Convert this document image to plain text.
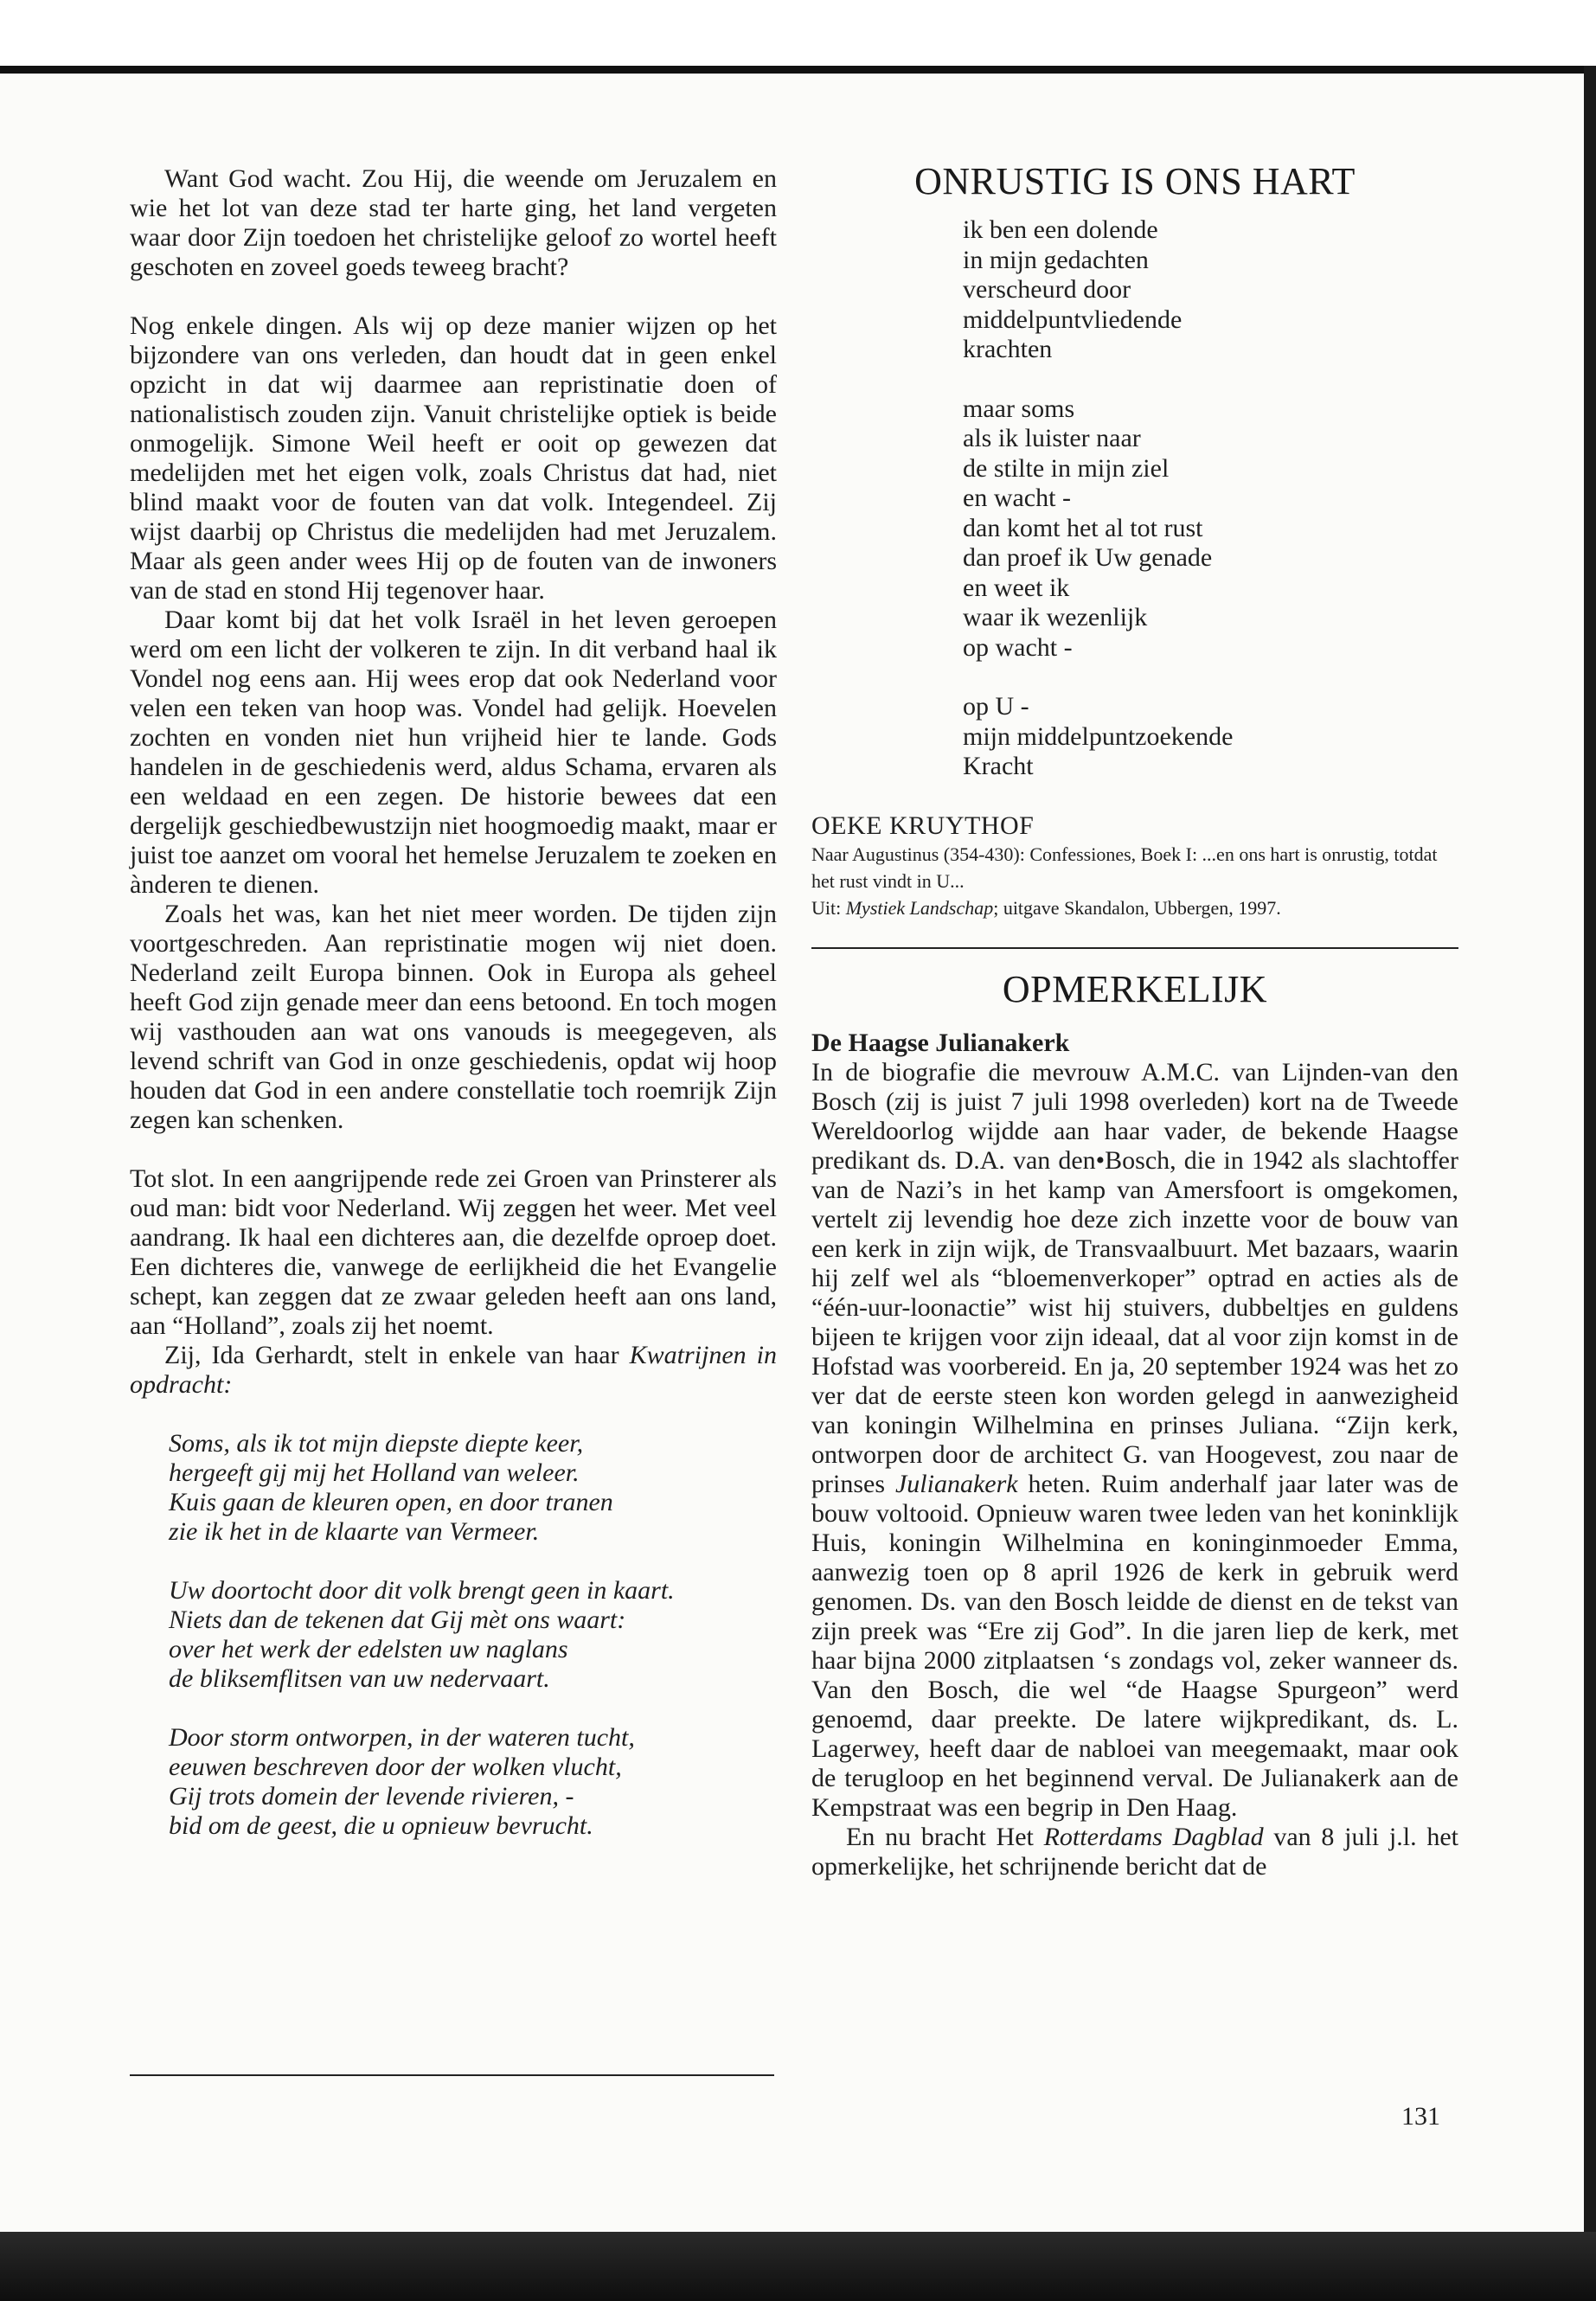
Want God wacht. Zou Hij, die weende om Jeruzalem en wie het lot van deze stad ter harte ging, het land vergeten waar door Zijn toedoen het christelijke geloof zo wortel heeft geschoten en zoveel goeds teweeg bracht?

Nog enkele dingen. Als wij op deze manier wijzen op het bijzondere van ons verleden, dan houdt dat in geen enkel opzicht in dat wij daarmee aan repristinatie doen of nationalistisch zouden zijn. Vanuit christelijke optiek is beide onmogelijk. Simone Weil heeft er ooit op gewezen dat medelijden met het eigen volk, zoals Christus dat had, niet blind maakt voor de fouten van dat volk. Integendeel. Zij wijst daarbij op Christus die medelijden had met Jeruzalem. Maar als geen ander wees Hij op de fouten van de inwoners van de stad en stond Hij tegenover haar.

Daar komt bij dat het volk Israël in het leven geroepen werd om een licht der volkeren te zijn. In dit verband haal ik Vondel nog eens aan. Hij wees erop dat ook Nederland voor velen een teken van hoop was. Vondel had gelijk. Hoevelen zochten en vonden niet hun vrijheid hier te lande. Gods handelen in de geschiedenis werd, aldus Schama, ervaren als een weldaad en een zegen. De historie bewees dat een dergelijk geschiedbewustzijn niet hoogmoedig maakt, maar er juist toe aanzet om vooral het hemelse Jeruzalem te zoeken en ànderen te dienen.

Zoals het was, kan het niet meer worden. De tijden zijn voortgeschreden. Aan repristinatie mogen wij niet doen. Nederland zeilt Europa binnen. Ook in Europa als geheel heeft God zijn genade meer dan eens betoond. En toch mogen wij vasthouden aan wat ons vanouds is meegegeven, als levend schrift van God in onze geschiedenis, opdat wij hoop houden dat God in een andere constellatie toch roemrijk Zijn zegen kan schenken.

Tot slot. In een aangrijpende rede zei Groen van Prinsterer als oud man: bidt voor Nederland. Wij zeggen het weer. Met veel aandrang. Ik haal een dichteres aan, die dezelfde oproep doet. Een dichteres die, vanwege de eerlijkheid die het Evangelie schept, kan zeggen dat ze zwaar geleden heeft aan ons land, aan “Holland”, zoals zij het noemt.

Zij, Ida Gerhardt, stelt in enkele van haar Kwatrijnen in opdracht:

Soms, als ik tot mijn diepste diepte keer,
hergeeft gij mij het Holland van weleer.
Kuis gaan de kleuren open, en door tranen
zie ik het in de klaarte van Vermeer.
Uw doortocht door dit volk brengt geen in kaart.
Niets dan de tekenen dat Gij mèt ons waart:
over het werk der edelsten uw naglans
de bliksemflitsen van uw nedervaart.
Door storm ontworpen, in der wateren tucht,
eeuwen beschreven door der wolken vlucht,
Gij trots domein der levende rivieren, -
bid om de geest, die u opnieuw bevrucht.
ONRUSTIG IS ONS HART
ik ben een dolende
in mijn gedachten
verscheurd door
middelpuntvliedende
krachten
maar soms
als ik luister naar
de stilte in mijn ziel
en wacht -
dan komt het al tot rust
dan proef ik Uw genade
en weet ik
waar ik wezenlijk
op wacht -
op U -
mijn middelpuntzoekende
Kracht
OEKE KRUYTHOF

Naar Augustinus (354-430): Confessiones, Boek I: ...en ons hart is onrustig, totdat het rust vindt in U...

Uit: Mystiek Landschap; uitgave Skandalon, Ubbergen, 1997.

OPMERKELIJK
De Haagse Julianakerk

In de biografie die mevrouw A.M.C. van Lijnden-van den Bosch (zij is juist 7 juli 1998 overleden) kort na de Tweede Wereldoorlog wijdde aan haar vader, de bekende Haagse predikant ds. D.A. van den•Bosch, die in 1942 als slachtoffer van de Nazi’s in het kamp van Amersfoort is omgekomen, vertelt zij levendig hoe deze zich inzette voor de bouw van een kerk in zijn wijk, de Transvaalbuurt. Met bazaars, waarin hij zelf wel als “bloemenverkoper” optrad en acties als de “één-uur-loonactie” wist hij stuivers, dubbeltjes en guldens bijeen te krijgen voor zijn ideaal, dat al voor zijn komst in de Hofstad was voorbereid. En ja, 20 september 1924 was het zo ver dat de eerste steen kon worden gelegd in aanwezigheid van koningin Wilhelmina en prinses Juliana. “Zijn kerk, ontworpen door de architect G. van Hoogevest, zou naar de prinses Julianakerk heten. Ruim anderhalf jaar later was de bouw voltooid. Opnieuw waren twee leden van het koninklijk Huis, koningin Wilhelmina en koninginmoeder Emma, aanwezig toen op 8 april 1926 de kerk in gebruik werd genomen. Ds. van den Bosch leidde de dienst en de tekst van zijn preek was “Ere zij God”. In die jaren liep de kerk, met haar bijna 2000 zitplaatsen ‘s zondags vol, zeker wanneer ds. Van den Bosch, die wel “de Haagse Spurgeon” werd genoemd, daar preekte. De latere wijkpredikant, ds. L. Lagerwey, heeft daar de nabloei van meegemaakt, maar ook de terugloop en het beginnend verval. De Julianakerk aan de Kempstraat was een begrip in Den Haag.

En nu bracht Het Rotterdams Dagblad van 8 juli j.l. het opmerkelijke, het schrijnende bericht dat de

131
